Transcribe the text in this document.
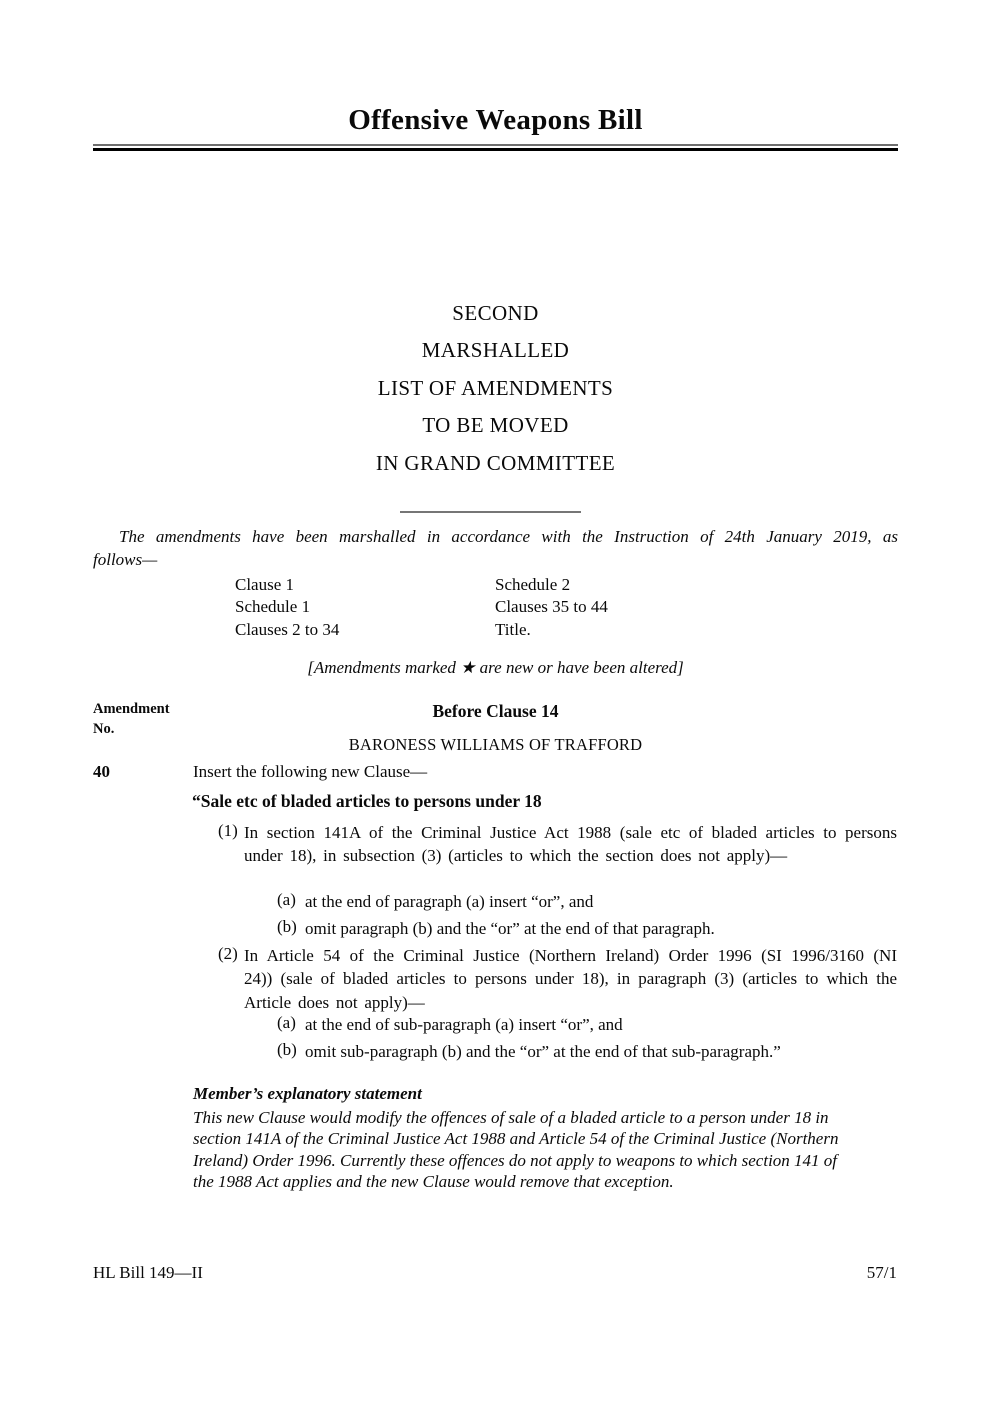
Offensive Weapons Bill
SECOND
MARSHALLED
LIST OF AMENDMENTS
TO BE MOVED
IN GRAND COMMITTEE
The amendments have been marshalled in accordance with the Instruction of 24th January 2019, as
follows—
Clause 1
Schedule 1
Clauses 2 to 34
Schedule 2
Clauses 35 to 44
Title.
[Amendments marked ★ are new or have been altered]
Amendment
No.
Before Clause 14
BARONESS WILLIAMS OF TRAFFORD
40	Insert the following new Clause—
“Sale etc of bladed articles to persons under 18
(1) In section 141A of the Criminal Justice Act 1988 (sale etc of bladed articles to persons under 18), in subsection (3) (articles to which the section does not apply)—
(a) at the end of paragraph (a) insert “or”, and
(b) omit paragraph (b) and the “or” at the end of that paragraph.
(2) In Article 54 of the Criminal Justice (Northern Ireland) Order 1996 (SI 1996/3160 (NI 24)) (sale of bladed articles to persons under 18), in paragraph (3) (articles to which the Article does not apply)—
(a) at the end of sub-paragraph (a) insert “or”, and
(b) omit sub-paragraph (b) and the “or” at the end of that sub-paragraph.”
Member’s explanatory statement
This new Clause would modify the offences of sale of a bladed article to a person under 18 in section 141A of the Criminal Justice Act 1988 and Article 54 of the Criminal Justice (Northern Ireland) Order 1996. Currently these offences do not apply to weapons to which section 141 of the 1988 Act applies and the new Clause would remove that exception.
HL Bill 149—II	57/1
